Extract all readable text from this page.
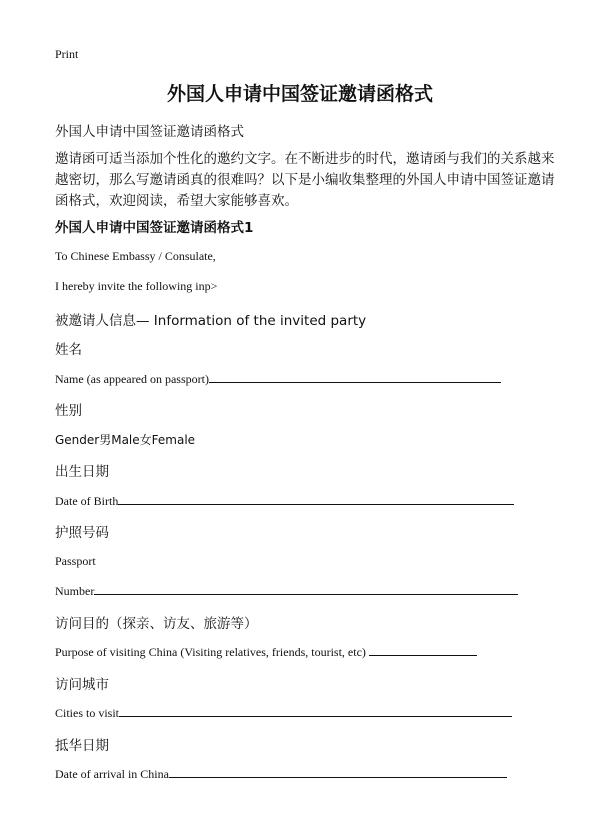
Print
外国人申请中国签证邀请函格式
外国人申请中国签证邀请函格式
邀请函可适当添加个性化的邀约文字。在不断进步的时代，邀请函与我们的关系越来越密切，那么写邀请函真的很难吗？以下是小编收集整理的外国人申请中国签证邀请函格式，欢迎阅读，希望大家能够喜欢。
外国人申请中国签证邀请函格式1
To Chinese Embassy / Consulate,
I hereby invite the following inp>
被邀请人信息— Information of the invited party
姓名
Name (as appeared on passport)
性别
Gender男Male女Female
出生日期
Date of Birth
护照号码
Passport
Number
访问目的（探亲、访友、旅游等）
Purpose of visiting China (Visiting relatives, friends, tourist, etc)
访问城市
Cities to visit
抵华日期
Date of arrival in China
